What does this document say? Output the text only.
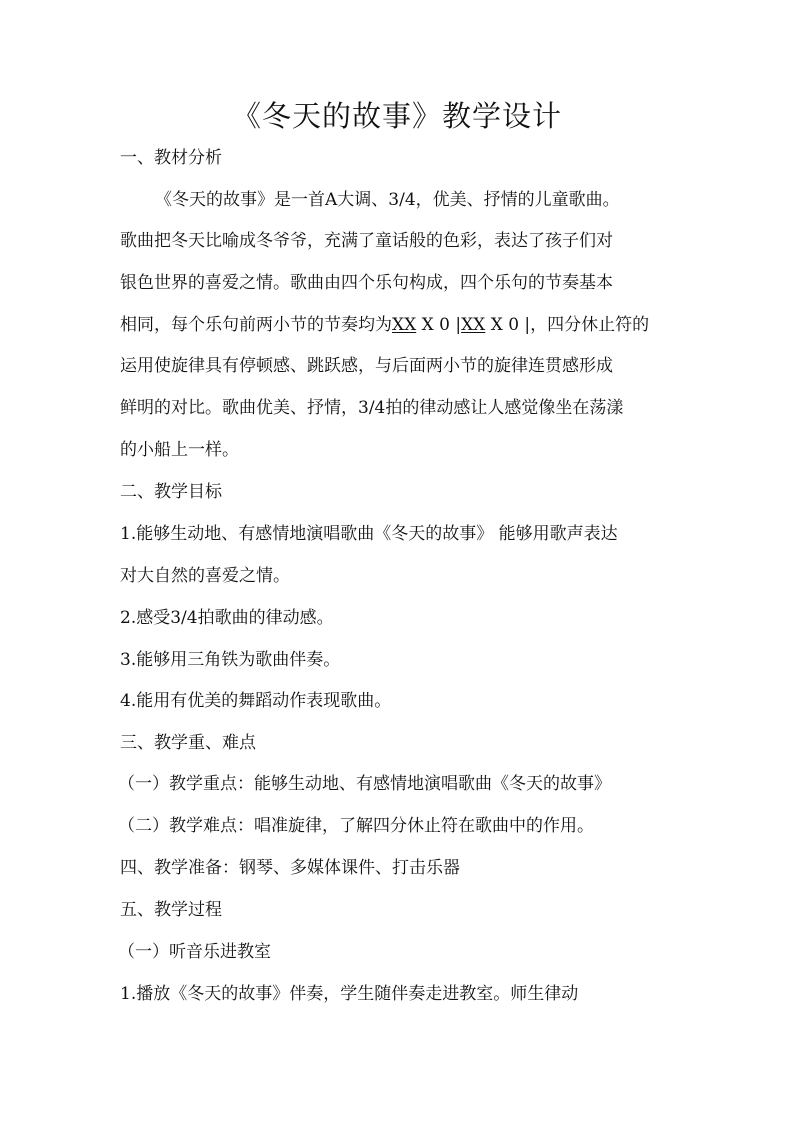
《冬天的故事》教学设计

一、教材分析

《冬天的故事》是一首A大调、3/4，优美、抒情的儿童歌曲。

歌曲把冬天比喻成冬爷爷，充满了童话般的色彩，表达了孩子们对

银色世界的喜爱之情。歌曲由四个乐句构成，四个乐句的节奏基本

相同，每个乐句前两小节的节奏均为XX X 0 |XX X 0 |，四分休止符的

运用使旋律具有停顿感、跳跃感，与后面两小节的旋律连贯感形成

鲜明的对比。歌曲优美、抒情，3/4拍的律动感让人感觉像坐在荡漾

的小船上一样。

二、教学目标

1.能够生动地、有感情地演唱歌曲《冬天的故事》 能够用歌声表达

对大自然的喜爱之情。

2.感受3/4拍歌曲的律动感。

3.能够用三角铁为歌曲伴奏。

4.能用有优美的舞蹈动作表现歌曲。

三、教学重、难点

（一）教学重点：能够生动地、有感情地演唱歌曲《冬天的故事》

（二）教学难点：唱准旋律，了解四分休止符在歌曲中的作用。

四、教学准备：钢琴、多媒体课件、打击乐器

五、教学过程

（一）听音乐进教室

1.播放《冬天的故事》伴奏，学生随伴奏走进教室。师生律动
